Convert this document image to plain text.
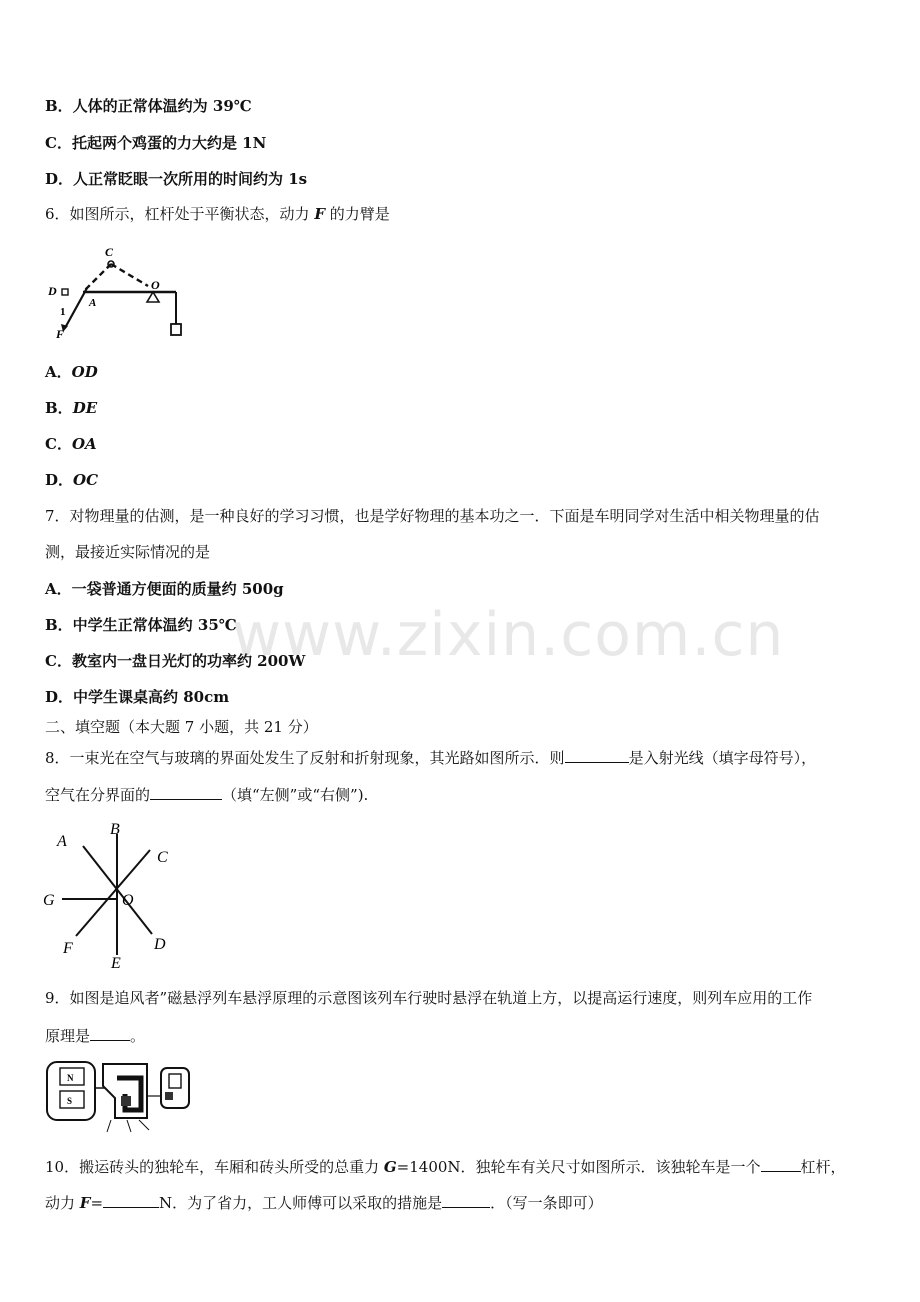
B．人体的正常体温约为 39℃
C．托起两个鸡蛋的力大约是 1N
D．人正常眨眼一次所用的时间约为 1s
6．如图所示，杠杆处于平衡状态，动力 F 的力臂是
C
D	O
A
1
F
A．OD
B．DE
C．OA
D．OC
7．对物理量的估测，是一种良好的学习习惯，也是学好物理的基本功之一．下面是车明同学对生活中相关物理量的估
测，最接近实际情况的是
A．一袋普通方便面的质量约 500g
B．中学生正常体温约 35℃
C．教室内一盘日光灯的功率约 200W
D．中学生课桌高约 80cm
二、填空题（本大题 7 小题，共 21 分）
8．一束光在空气与玻璃的界面处发生了反射和折射现象，其光路如图所示．则	是入射光线（填字母符号），
空气在分界面的	（填“左侧”或“右侧”).
A
B
C
G	O
F
E
D
9．如图是追风者”磁悬浮列车悬浮原理的示意图该列车行驶时悬浮在轨道上方，以提高运行速度，则列车应用的工作
原理是	。
N
S
10．搬运砖头的独轮车，车厢和砖头所受的总重力 G=1400N．独轮车有关尺寸如图所示．该独轮车是一个	杠杆，
动力 F=	N．为了省力，工人师傅可以采取的措施是	．（写一条即可）
www.zixin.com.cn
